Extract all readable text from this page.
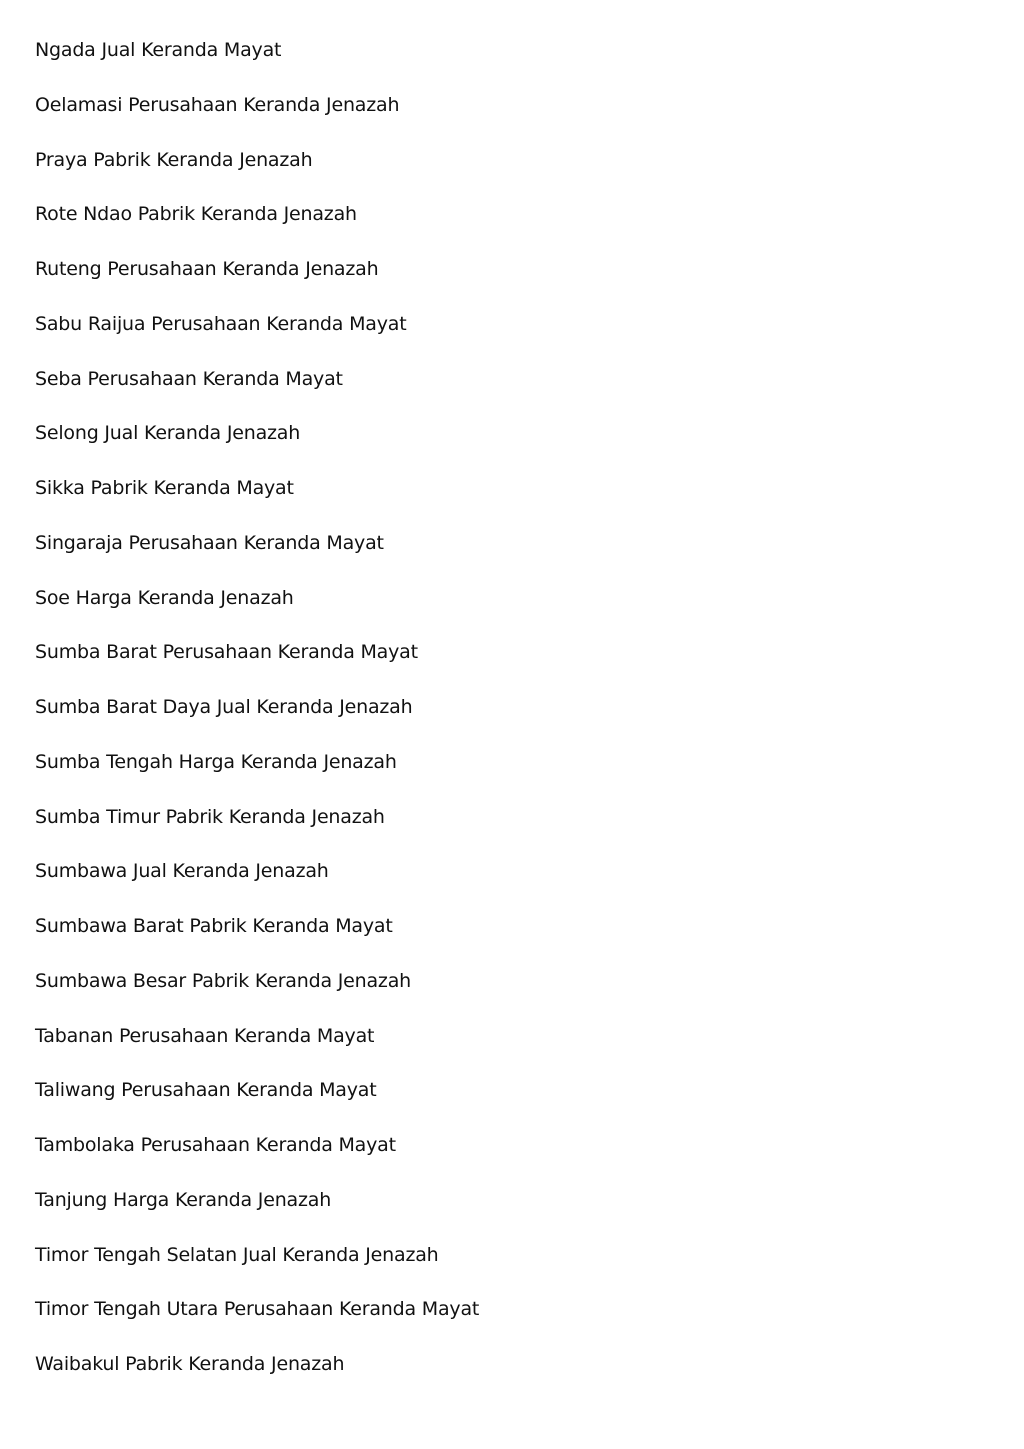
Ngada Jual Keranda Mayat
Oelamasi Perusahaan Keranda Jenazah
Praya Pabrik Keranda Jenazah
Rote Ndao Pabrik Keranda Jenazah
Ruteng Perusahaan Keranda Jenazah
Sabu Raijua Perusahaan Keranda Mayat
Seba Perusahaan Keranda Mayat
Selong Jual Keranda Jenazah
Sikka Pabrik Keranda Mayat
Singaraja Perusahaan Keranda Mayat
Soe Harga Keranda Jenazah
Sumba Barat Perusahaan Keranda Mayat
Sumba Barat Daya Jual Keranda Jenazah
Sumba Tengah Harga Keranda Jenazah
Sumba Timur Pabrik Keranda Jenazah
Sumbawa Jual Keranda Jenazah
Sumbawa Barat Pabrik Keranda Mayat
Sumbawa Besar Pabrik Keranda Jenazah
Tabanan Perusahaan Keranda Mayat
Taliwang Perusahaan Keranda Mayat
Tambolaka Perusahaan Keranda Mayat
Tanjung Harga Keranda Jenazah
Timor Tengah Selatan Jual Keranda Jenazah
Timor Tengah Utara Perusahaan Keranda Mayat
Waibakul Pabrik Keranda Jenazah
